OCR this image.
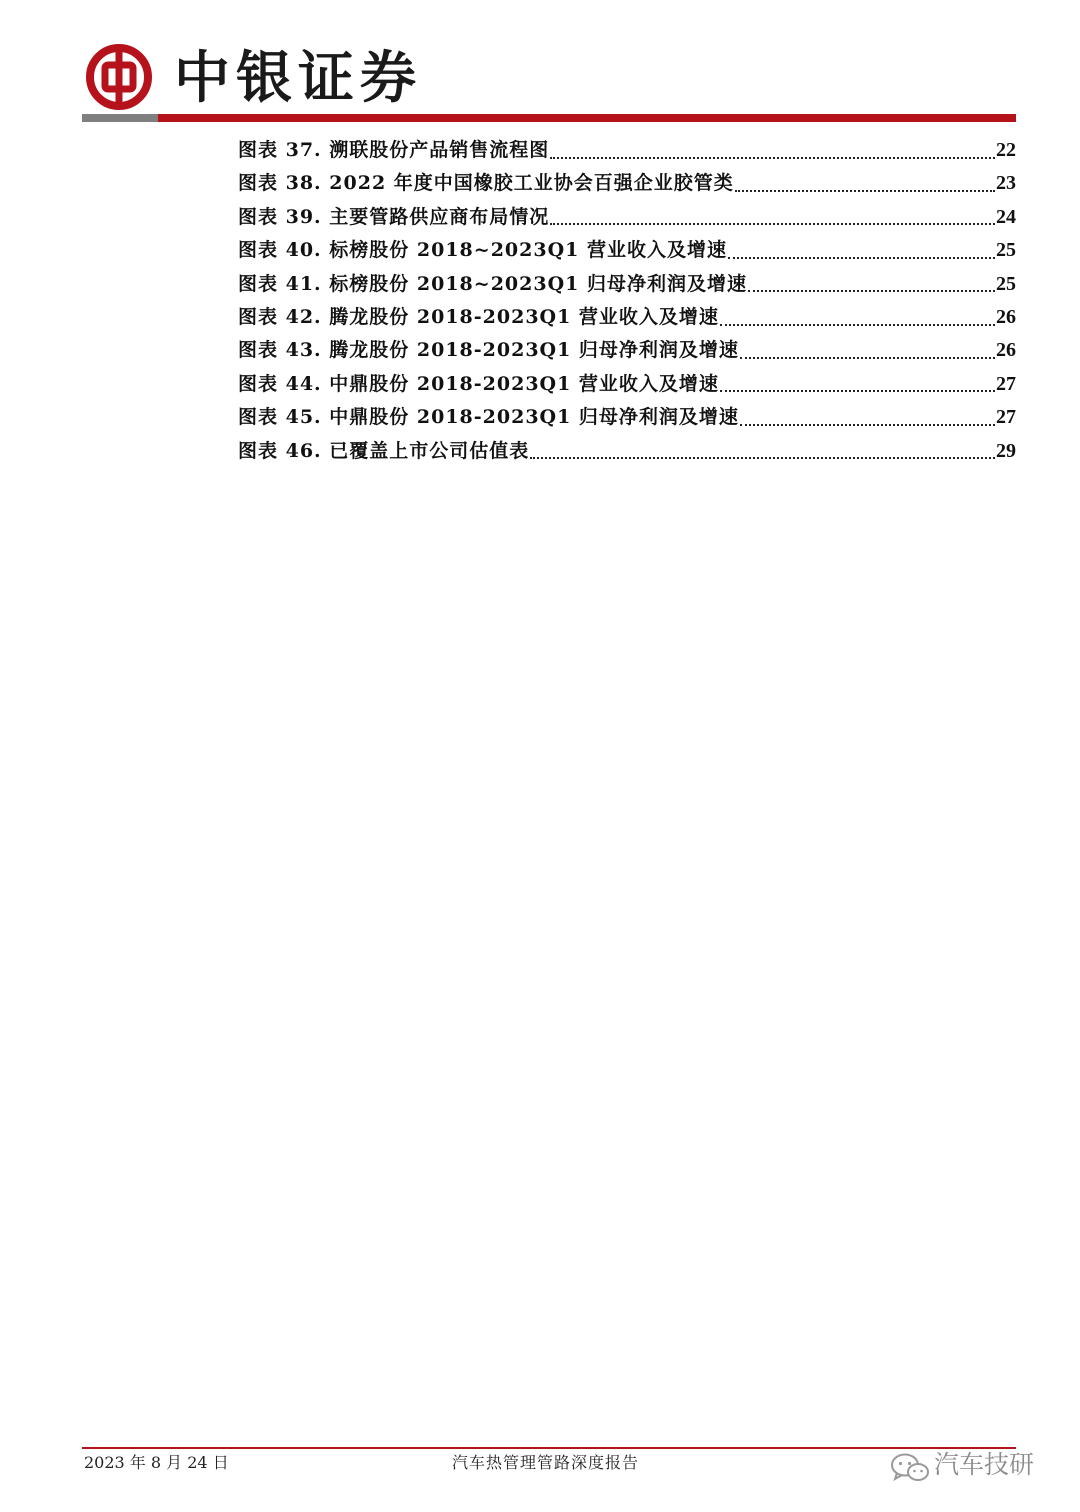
中银证券
图表 37. 溯联股份产品销售流程图	22
图表 38. 2022 年度中国橡胶工业协会百强企业胶管类	23
图表 39. 主要管路供应商布局情况	24
图表 40. 标榜股份 2018~2023Q1 营业收入及增速	25
图表 41. 标榜股份 2018~2023Q1 归母净利润及增速	25
图表 42. 腾龙股份 2018-2023Q1 营业收入及增速	26
图表 43. 腾龙股份 2018-2023Q1 归母净利润及增速	26
图表 44. 中鼎股份 2018-2023Q1 营业收入及增速	27
图表 45. 中鼎股份 2018-2023Q1 归母净利润及增速	27
图表 46. 已覆盖上市公司估值表	29
2023 年 8 月 24 日	汽车热管理管路深度报告	汽车技研
